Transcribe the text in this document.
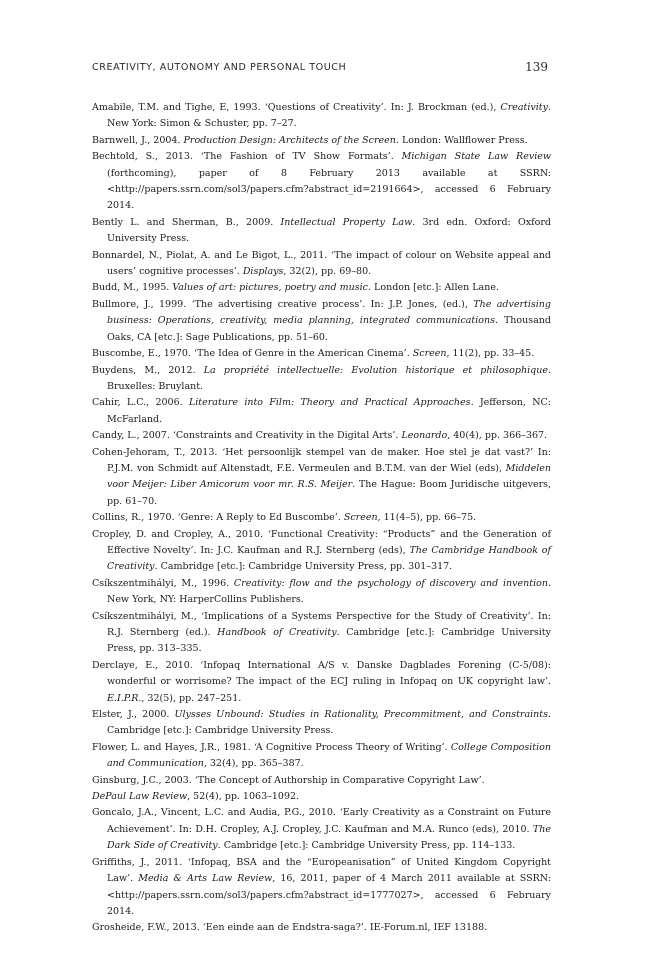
CREATIVITY, AUTONOMY AND PERSONAL TOUCH	139
Amabile, T.M. and Tighe, E, 1993. ‘Questions of Creativity’. In: J. Brockman (ed.), Creativity. New York: Simon & Schuster, pp. 7–27.
Barnwell, J., 2004. Production Design: Architects of the Screen. London: Wallflower Press.
Bechtold, S., 2013. ‘The Fashion of TV Show Formats’. Michigan State Law Review (forthcoming), paper of 8 February 2013 available at SSRN: <http://papers.ssrn.com/sol3/papers.cfm?abstract_id=2191664>, accessed 6 February 2014.
Bently L. and Sherman, B., 2009. Intellectual Property Law. 3rd edn. Oxford: Oxford University Press.
Bonnardel, N., Piolat, A. and Le Bigot, L., 2011. ‘The impact of colour on Website appeal and users’ cognitive processes’. Displays, 32(2), pp. 69–80.
Budd, M., 1995. Values of art: pictures, poetry and music. London [etc.]: Allen Lane.
Bullmore, J., 1999. ‘The advertising creative process’. In: J.P. Jones, (ed.), The advertising business: Operations, creativity, media planning, integrated communications. Thousand Oaks, CA [etc.]: Sage Publications, pp. 51–60.
Buscombe, E., 1970. ‘The Idea of Genre in the American Cinema’. Screen, 11(2), pp. 33–45.
Buydens, M., 2012. La propriété intellectuelle: Evolution historique et philosophique. Bruxelles: Bruylant.
Cahir, L.C., 2006. Literature into Film: Theory and Practical Approaches. Jefferson, NC: McFarland.
Candy, L., 2007. ‘Constraints and Creativity in the Digital Arts’. Leonardo, 40(4), pp. 366–367.
Cohen-Jehoram, T., 2013. ‘Het persoonlijk stempel van de maker. Hoe stel je dat vast?’ In: P.J.M. von Schmidt auf Altenstadt, F.E. Vermeulen and B.T.M. van der Wiel (eds), Middelen voor Meijer: Liber Amicorum voor mr. R.S. Meijer. The Hague: Boom Juridische uitgevers, pp. 61–70.
Collins, R., 1970. ‘Genre: A Reply to Ed Buscombe’. Screen, 11(4–5), pp. 66–75.
Cropley, D. and Cropley, A., 2010. ‘Functional Creativity: “Products” and the Generation of Effective Novelty’. In: J.C. Kaufman and R.J. Sternberg (eds), The Cambridge Handbook of Creativity. Cambridge [etc.]: Cambridge University Press, pp. 301–317.
Csíkszentmihályi, M., 1996. Creativity: flow and the psychology of discovery and invention. New York, NY: HarperCollins Publishers.
Csíkszentmihályi, M., ‘Implications of a Systems Perspective for the Study of Creativity’. In: R.J. Sternberg (ed.). Handbook of Creativity. Cambridge [etc.]: Cambridge University Press, pp. 313–335.
Derclaye, E., 2010. ‘Infopaq International A/S v. Danske Dagblades Forening (C-5/08): wonderful or worrisome? The impact of the ECJ ruling in Infopaq on UK copyright law’. E.I.P.R., 32(5), pp. 247–251.
Elster, J., 2000. Ulysses Unbound: Studies in Rationality, Precommitment, and Constraints. Cambridge [etc.]: Cambridge University Press.
Flower, L. and Hayes, J.R., 1981. ‘A Cognitive Process Theory of Writing’. College Composition and Communication, 32(4), pp. 365–387.
Ginsburg, J.C., 2003. ‘The Concept of Authorship in Comparative Copyright Law’.
DePaul Law Review, 52(4), pp. 1063–1092.
Goncalo, J.A., Vincent, L.C. and Audia, P.G., 2010. ‘Early Creativity as a Constraint on Future Achievement’. In: D.H. Cropley, A.J. Cropley, J.C. Kaufman and M.A. Runco (eds), 2010. The Dark Side of Creativity. Cambridge [etc.]: Cambridge University Press, pp. 114–133.
Griffiths, J., 2011. ‘Infopaq, BSA and the “Europeanisation” of United Kingdom Copyright Law’. Media & Arts Law Review, 16, 2011, paper of 4 March 2011 available at SSRN: <http://papers.ssrn.com/sol3/papers.cfm?abstract_id=1777027>, accessed 6 February 2014.
Grosheide, F.W., 2013. ‘Een einde aan de Endstra-saga?’. IE-Forum.nl, IEF 13188.
